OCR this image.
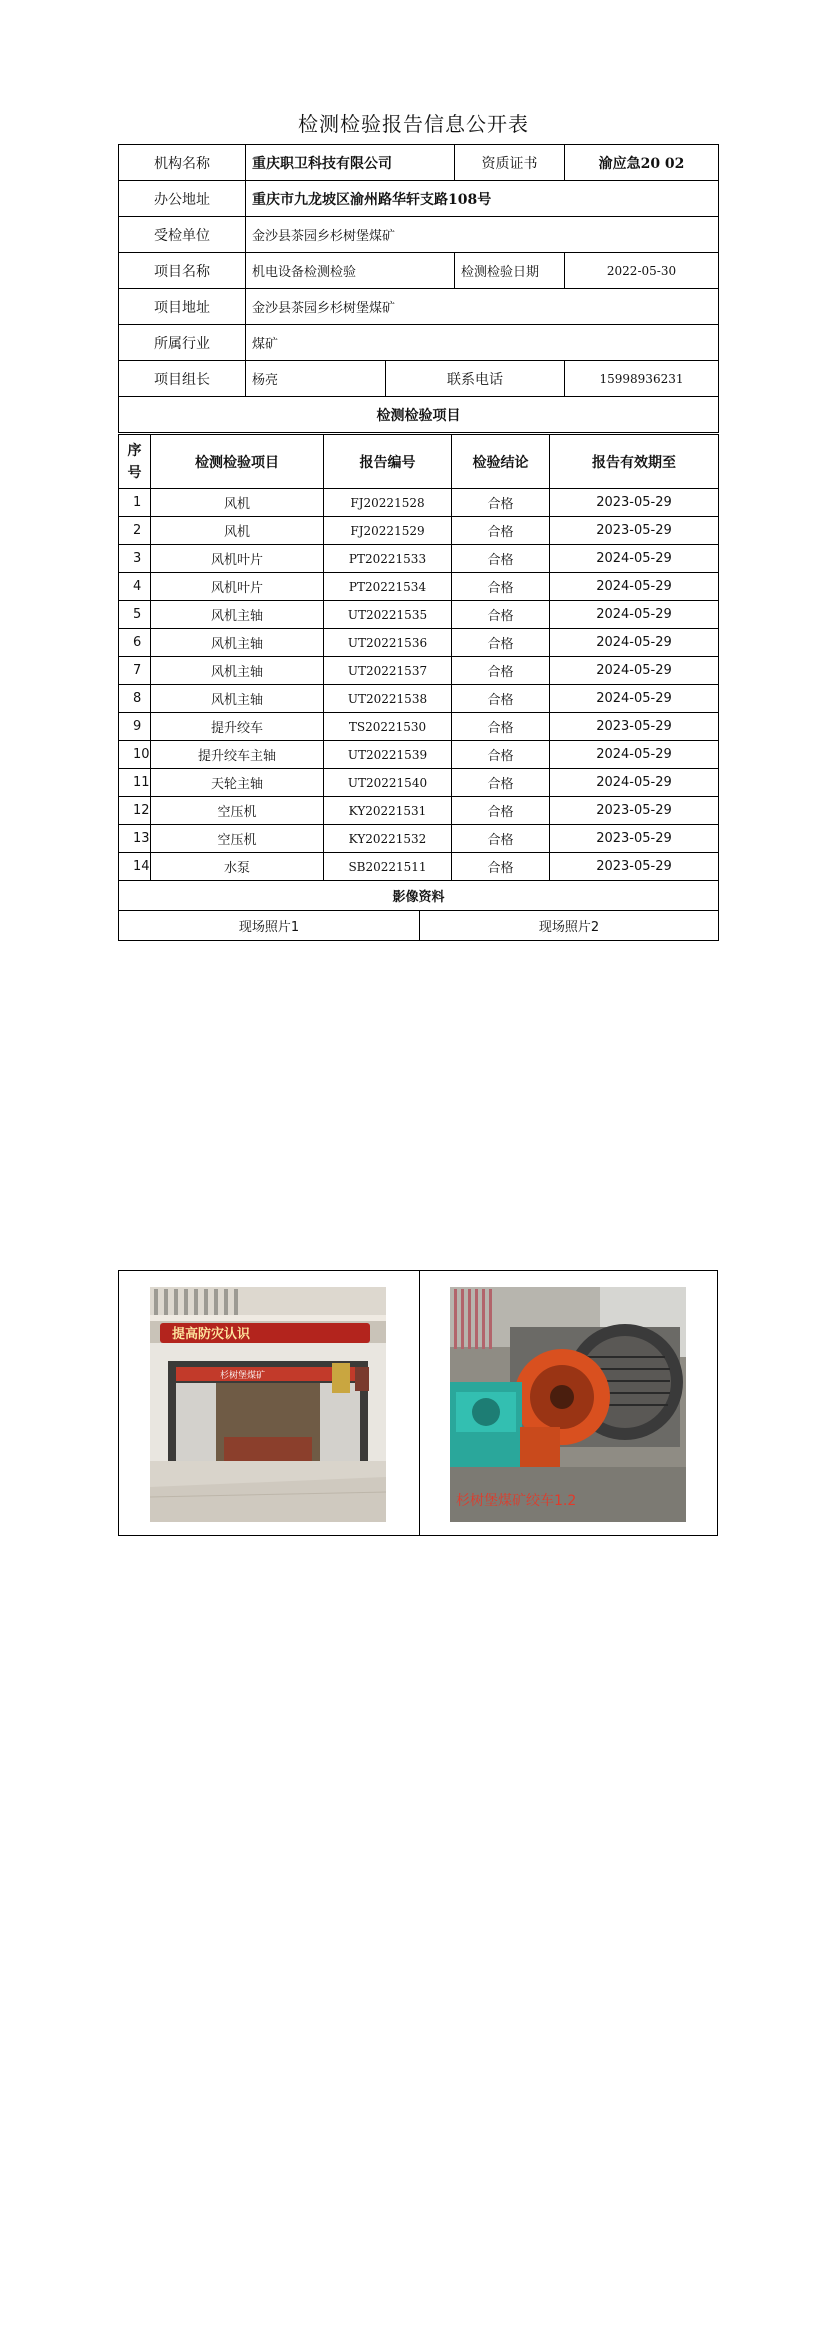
检测检验报告信息公开表
机构名称	重庆职卫科技有限公司		资质证书	渝应急20 02
办公地址	重庆市九龙坡区渝州路华轩支路108号			
受检单位	金沙县茶园乡杉树堡煤矿			
项目名称	机电设备检测检验		检测检验日期	2022-05-30
项目地址	金沙县茶园乡杉树堡煤矿			
所属行业	煤矿			
项目组长	杨亮	联系电话		15998936231
检测检验项目				
序号	检测检验项目	报告编号	检验结论	报告有效期至
1	风机	FJ20221528	合格	2023-05-29
2	风机	FJ20221529	合格	2023-05-29
3	风机叶片	PT20221533	合格	2024-05-29
4	风机叶片	PT20221534	合格	2024-05-29
5	风机主轴	UT20221535	合格	2024-05-29
6	风机主轴	UT20221536	合格	2024-05-29
7	风机主轴	UT20221537	合格	2024-05-29
8	风机主轴	UT20221538	合格	2024-05-29
9	提升绞车	TS20221530	合格	2023-05-29
10	提升绞车主轴	UT20221539	合格	2024-05-29
11	天轮主轴	UT20221540	合格	2024-05-29
12	空压机	KY20221531	合格	2023-05-29
13	空压机	KY20221532	合格	2023-05-29
14	水泵	SB20221511	合格	2023-05-29
影像资料				

现场照片1 现场照片2				
提高防灾认识
杉树堡煤矿
杉树堡煤矿绞车1.2
